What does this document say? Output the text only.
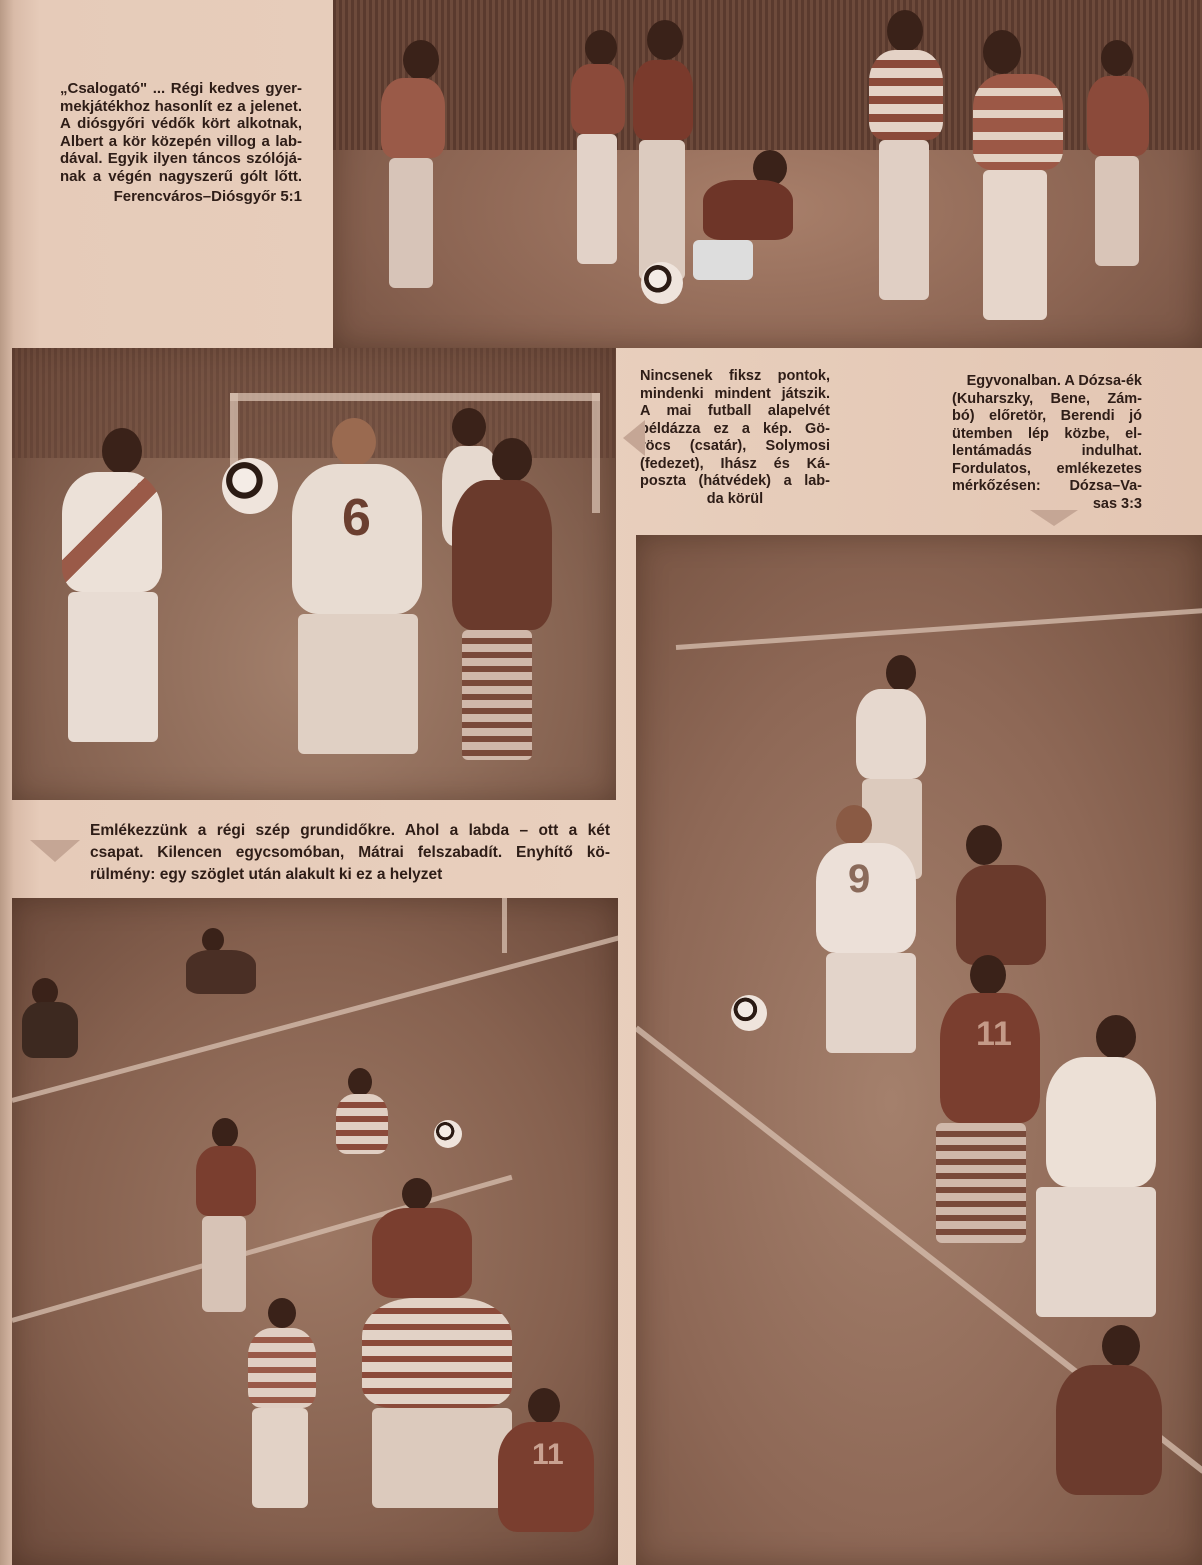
„Csalogató" ... Régi kedves gyer-

mekjátékhoz hasonlít ez a jelenet.

A diósgyőri védők kört alkotnak,

Albert a kör közepén villog a lab-

dával. Egyik ilyen táncos szólójá-

nak a végén nagyszerű gólt lőtt.

Ferencváros–Diósgyőr 5:1

6

Nincsenek fiksz pontok,

mindenki mindent játszik.

A mai futball alapelvét

példázza ez a kép. Gö-

röcs (csatár), Solymosi

(fedezet), Ihász és Ká-

poszta (hátvédek) a lab-

da körül

Egyvonalban. A Dózsa-ék

(Kuharszky, Bene, Zám-

bó) előretör, Berendi jó

ütemben lép közbe, el-

lentámadás indulhat.

Fordulatos, emlékezetes

mérkőzésen: Dózsa–Va-

sas 3:3

9
11

Emlékezzünk a régi szép grundidőkre. Ahol a labda – ott a két

csapat. Kilencen egycsomóban, Mátrai felszabadít. Enyhítő kö-

rülmény: egy szöglet után alakult ki ez a helyzet

11
